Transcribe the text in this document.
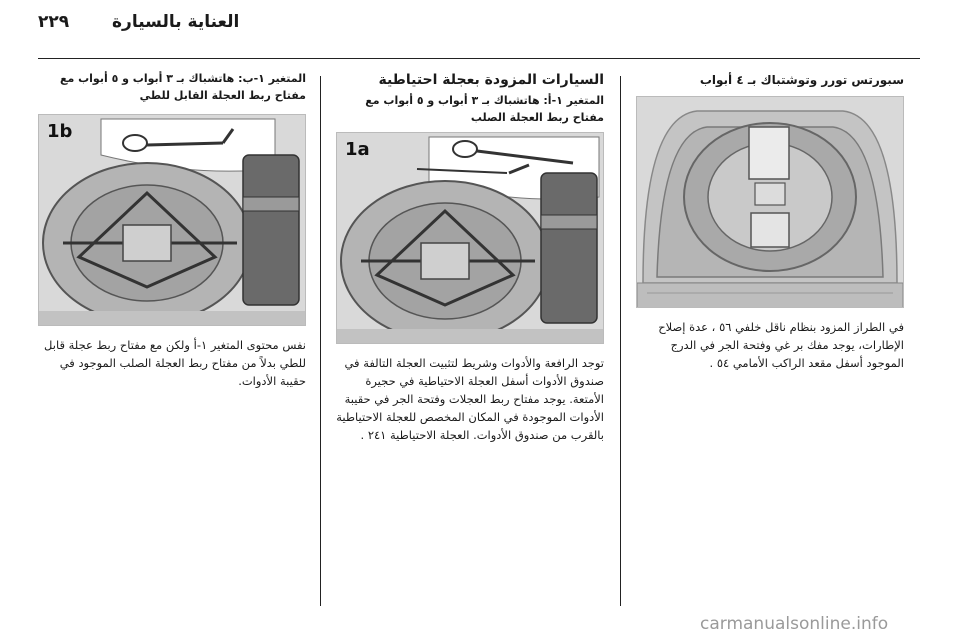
٢٢٩	العناية بالسيارة

سبورتس تورر وتوشتباك بـ ٤ أبواب

في الطراز المزود بنظام ناقل خلفي ٥٦ ، عدة إصلاح الإطارات، يوجد مفك بر غي وفتحة الجر في الدرج الموجود أسفل مقعد الراكب الأمامي ٥٤ .

السيارات المزودة بعجلة احتياطية

المتغير ١-أ: هاتشباك بـ ٣ أبواب و ٥ أبواب مع مفتاح ربط العجلة الصلب

1a

توجد الرافعة والأدوات وشريط لتثبيت العجلة التالفة في صندوق الأدوات أسفل العجلة الاحتياطية في حجيرة الأمتعة. يوجد مفتاح ربط العجلات وفتحة الجر في حقيبة الأدوات الموجودة في المكان المخصص للعجلة الاحتياطية بالقرب من صندوق الأدوات. العجلة الاحتياطية ٢٤١ .

المتغير ١-ب: هاتشباك بـ ٣ أبواب و ٥ أبواب مع مفتاح ربط العجلة القابل للطي

1b

نفس محتوى المتغير ١-أ ولكن مع مفتاح ربط عجلة قابل للطي بدلاً من مفتاح ربط العجلة الصلب الموجود في حقيبة الأدوات.

carmanualsonline.info
